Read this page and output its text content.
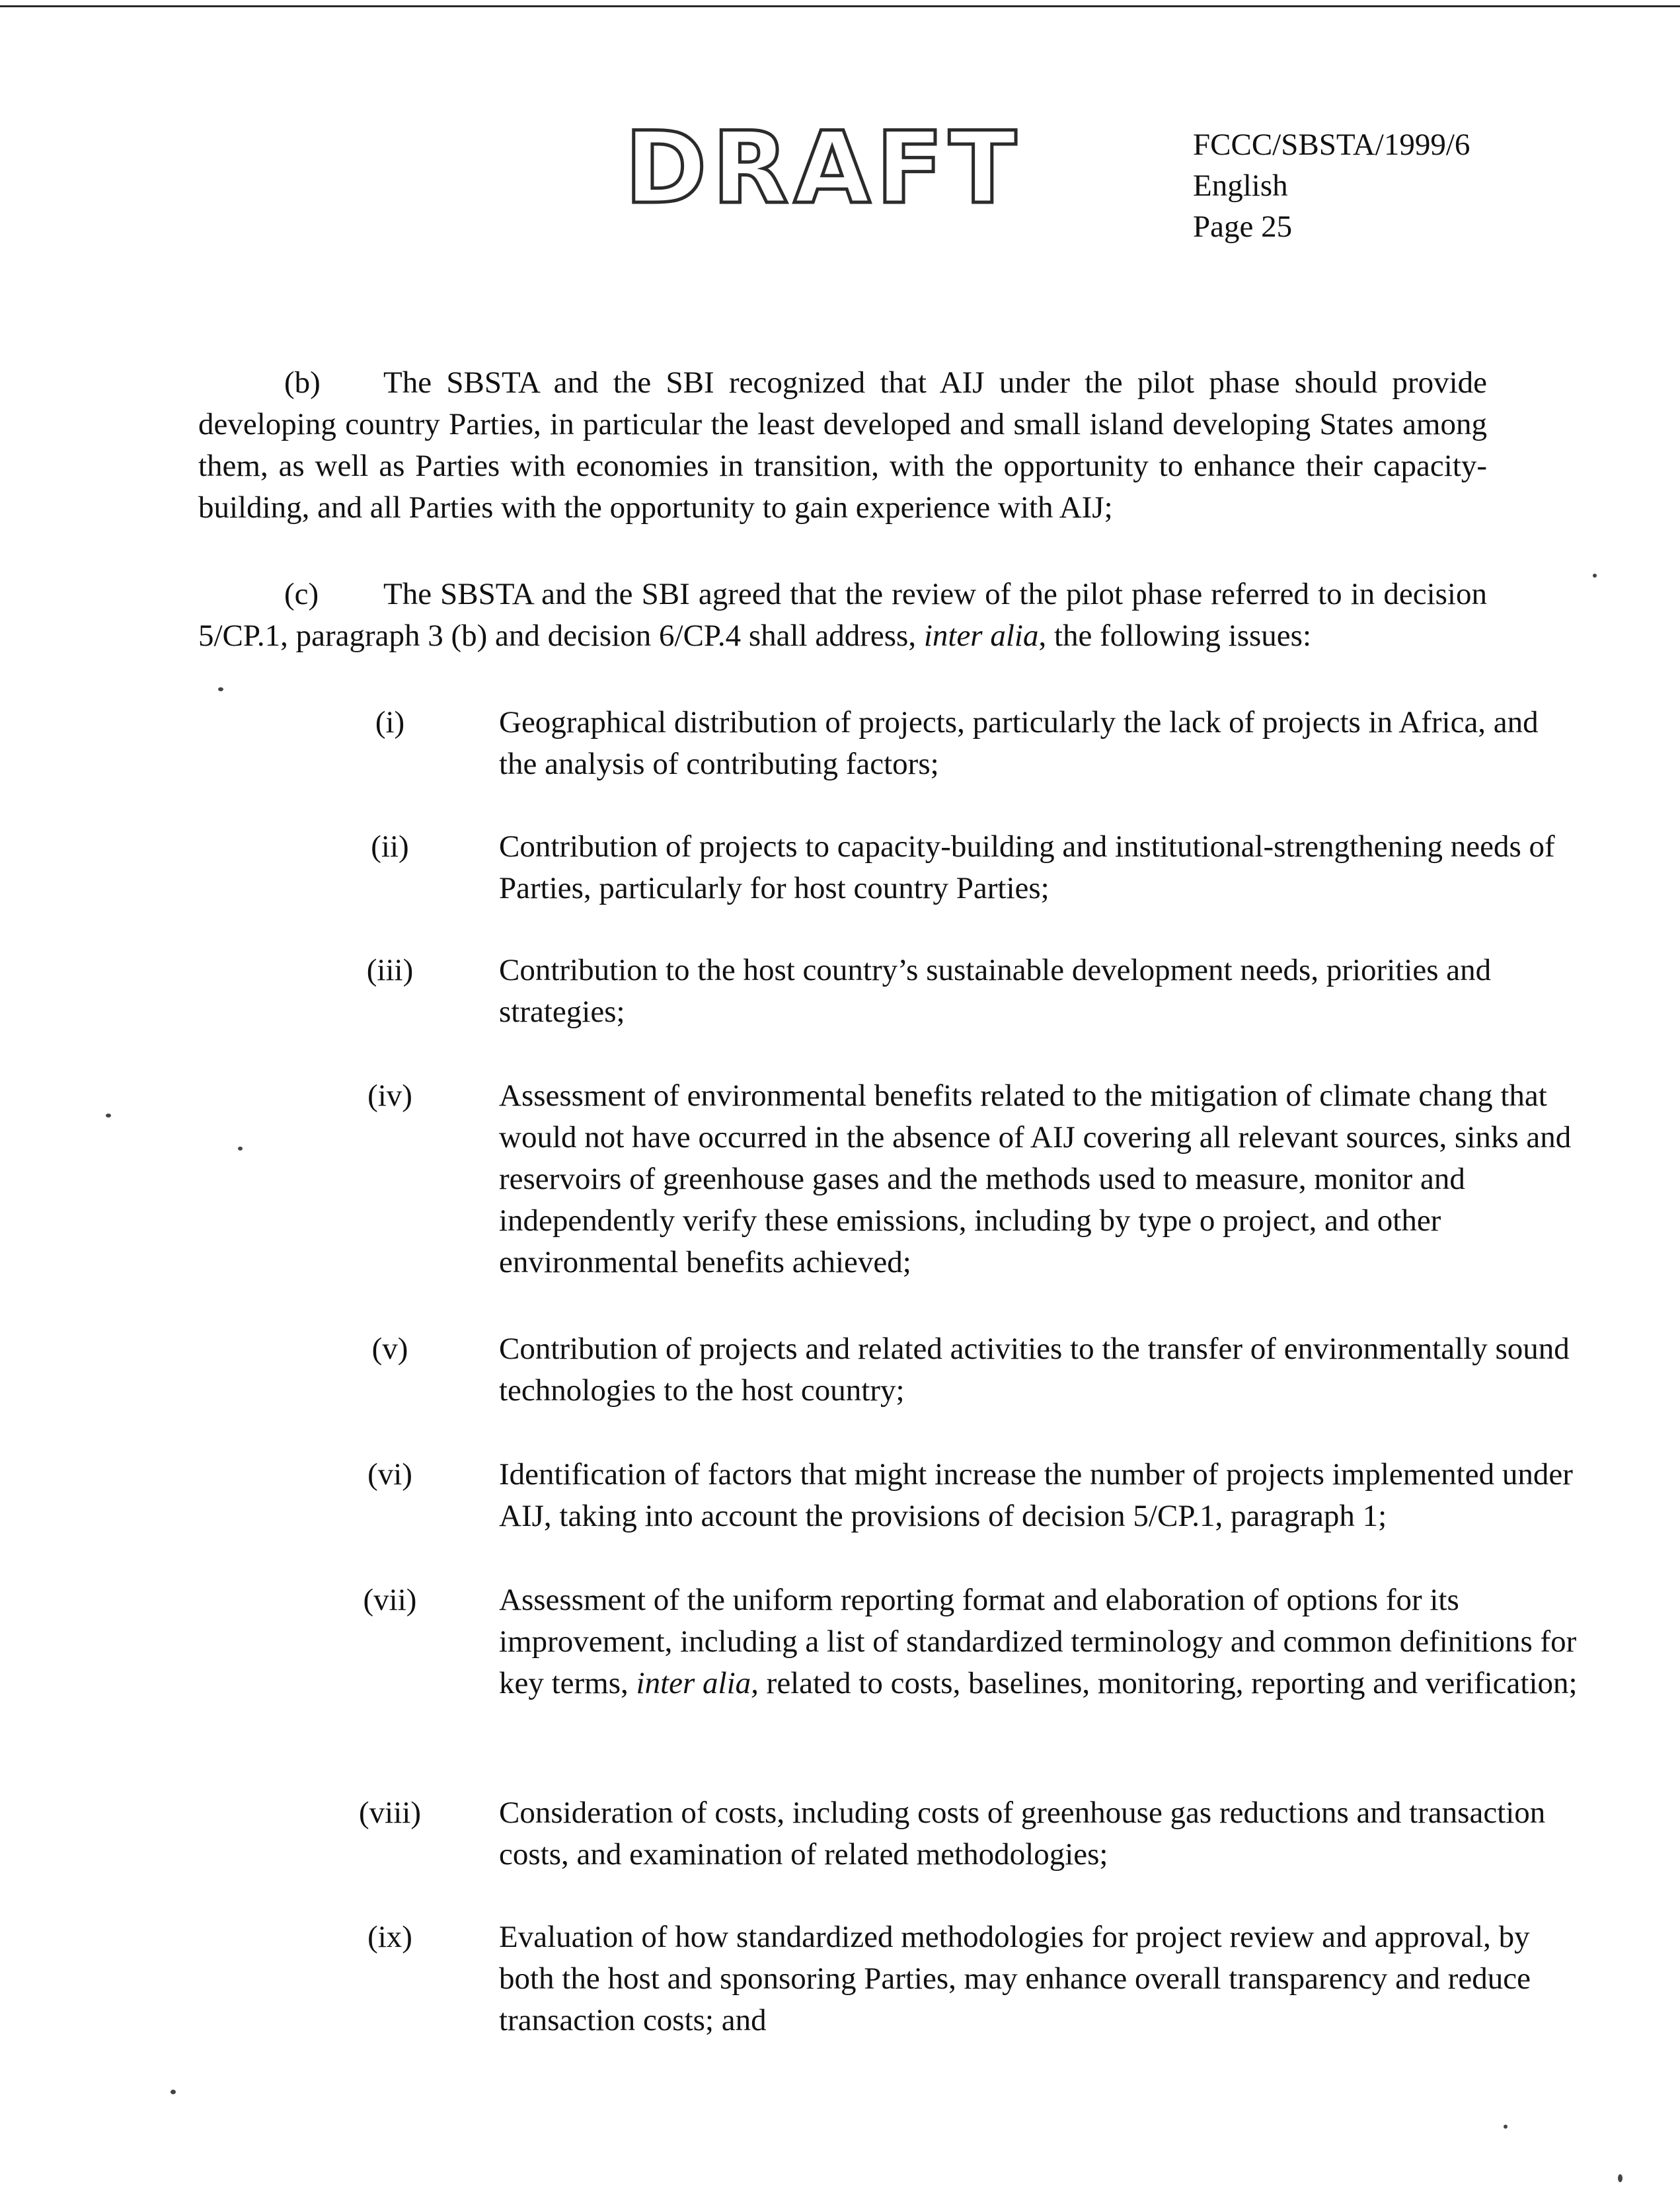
DRAFT	FCCC/SBSTA/1999/6
English
Page 25
(b) The SBSTA and the SBI recognized that AIJ under the pilot phase should provide developing country Parties, in particular the least developed and small island developing States among them, as well as Parties with economies in transition, with the opportunity to enhance their capacity-building, and all Parties with the opportunity to gain experience with AIJ;
(c) The SBSTA and the SBI agreed that the review of the pilot phase referred to in decision 5/CP.1, paragraph 3 (b) and decision 6/CP.4 shall address, inter alia, the following issues:
(i)	Geographical distribution of projects, particularly the lack of projects in Africa, and the analysis of contributing factors;
(ii)	Contribution of projects to capacity-building and institutional-strengthening needs of Parties, particularly for host country Parties;
(iii)	Contribution to the host country’s sustainable development needs, priorities and strategies;
(iv)	Assessment of environmental benefits related to the mitigation of climate chang that would not have occurred in the absence of AIJ covering all relevant sources, sinks and reservoirs of greenhouse gases and the methods used to measure, monitor and independently verify these emissions, including by type o project, and other environmental benefits achieved;
(v)	Contribution of projects and related activities to the transfer of environmentally sound technologies to the host country;
(vi)	Identification of factors that might increase the number of projects implemented under AIJ, taking into account the provisions of decision 5/CP.1, paragraph 1;
(vii)	Assessment of the uniform reporting format and elaboration of options for its improvement, including a list of standardized terminology and common definitions for key terms, inter alia, related to costs, baselines, monitoring, reporting and verification;
(viii)	Consideration of costs, including costs of greenhouse gas reductions and transaction costs, and examination of related methodologies;
(ix)	Evaluation of how standardized methodologies for project review and approval, by both the host and sponsoring Parties, may enhance overall transparency and reduce transaction costs; and
